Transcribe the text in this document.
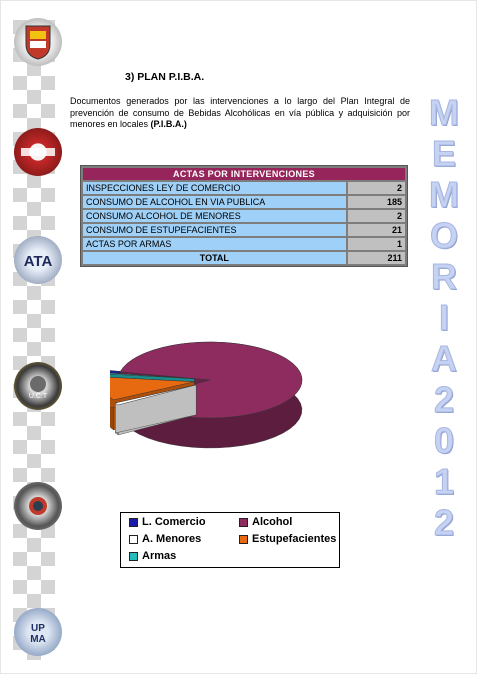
ATA
U.C.T
UP
MA
3) PLAN P.I.B.A.
Documentos generados por las intervenciones a lo largo del Plan Integral de prevención de consumo de Bebidas Alcohólicas en vía pública y adquisición por menores en locales (P.I.B.A.)	M
E
M
O
R
I
A
2
0
1
2
ACTAS POR INTERVENCIONES	
INSPECCIONES LEY DE COMERCIO	2
CONSUMO DE ALCOHOL EN VIA PUBLICA	185
CONSUMO ALCOHOL DE MENORES	2
CONSUMO DE ESTUPEFACIENTES	21
ACTAS POR ARMAS	1
TOTAL	211
L. Comercio	Alcohol
A. Menores	Estupefacientes
Armas
